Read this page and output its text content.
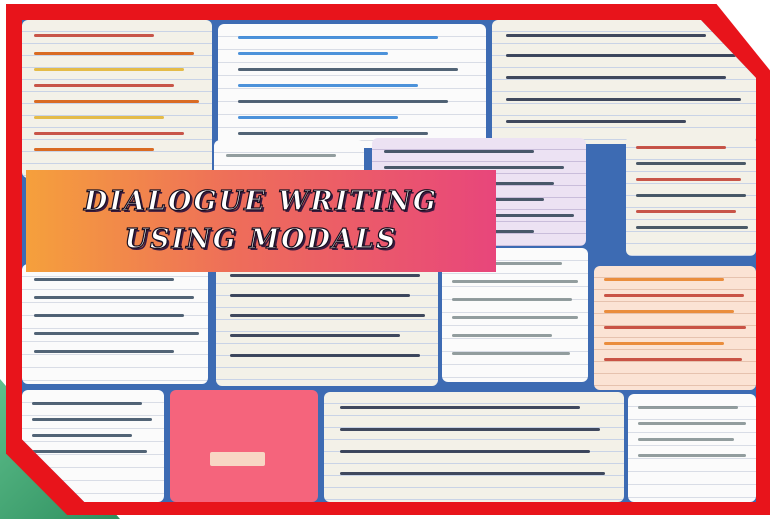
DIALOGUE WRITING
USING MODALS
